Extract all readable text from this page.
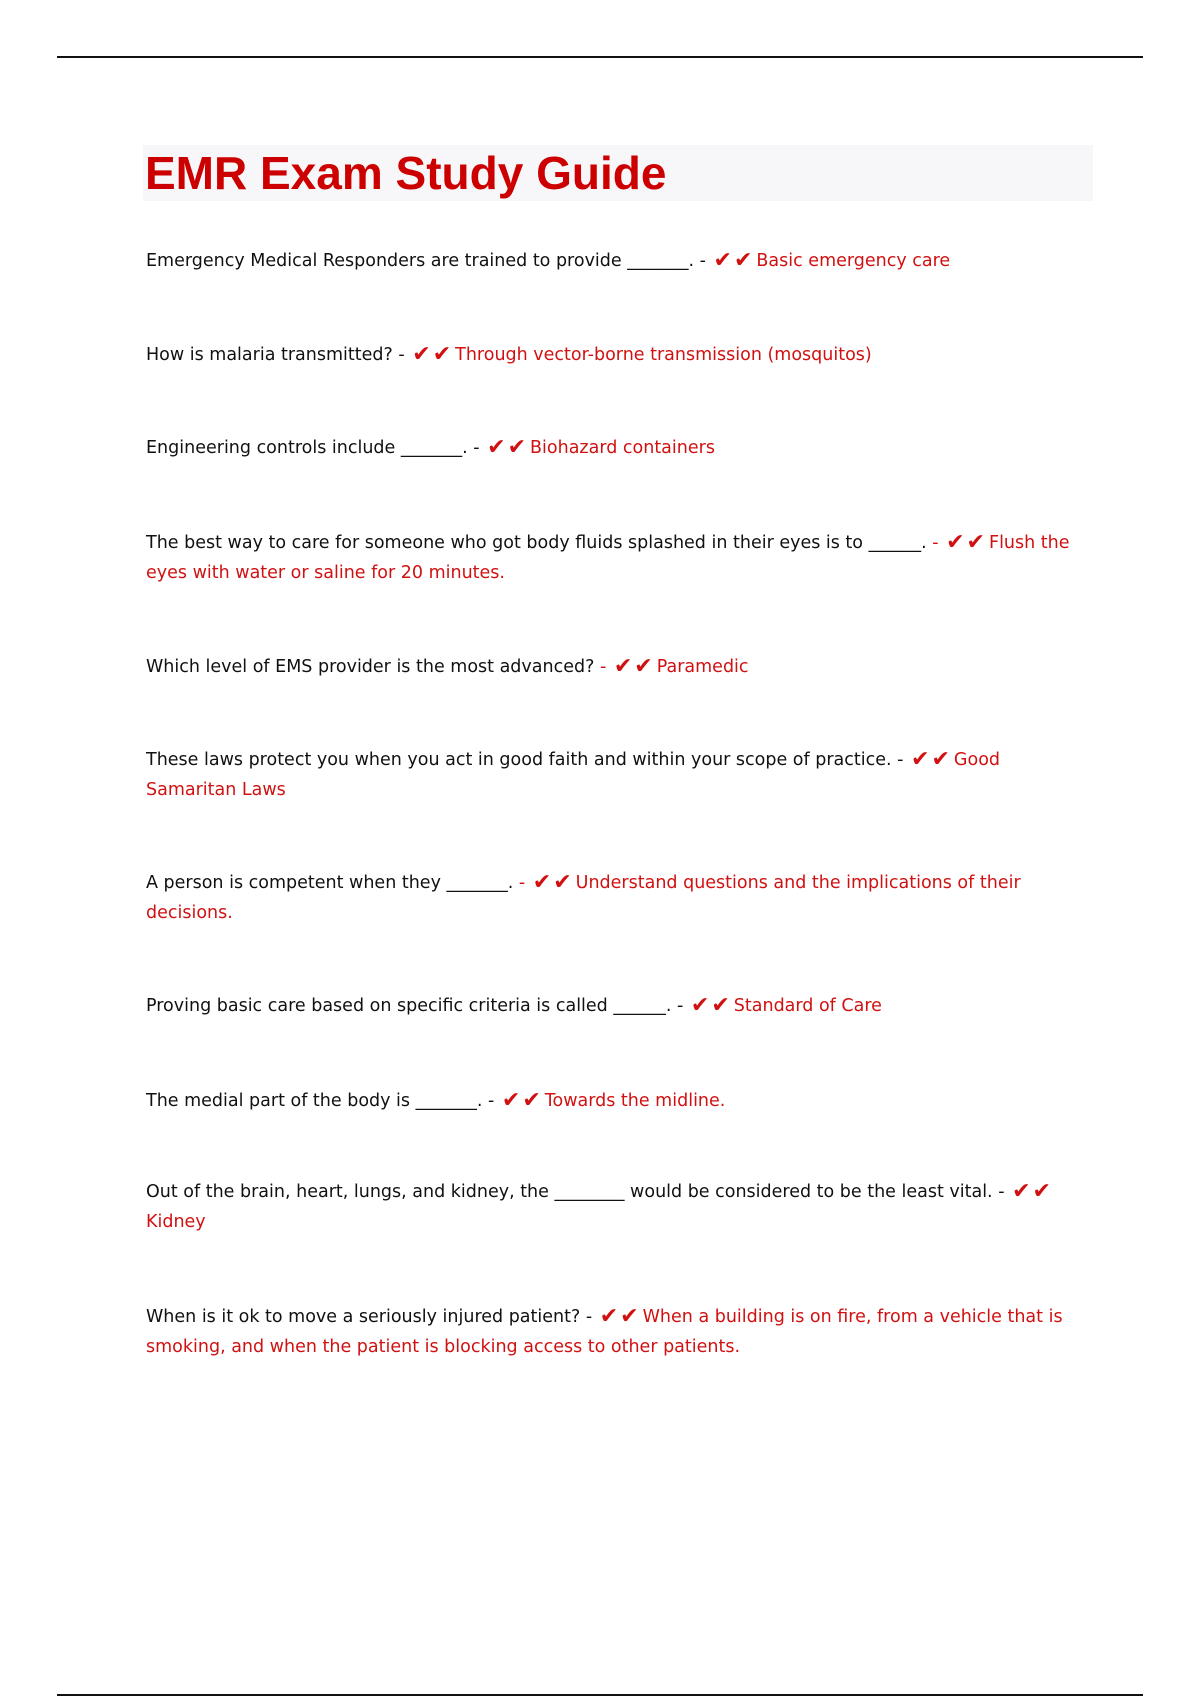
EMR Exam Study Guide

Emergency Medical Responders are trained to provide _______. - ✔✔ Basic emergency care

How is malaria transmitted? - ✔✔ Through vector-borne transmission (mosquitos)

Engineering controls include _______. - ✔✔ Biohazard containers

The best way to care for someone who got body fluids splashed in their eyes is to ______. - ✔✔ Flush the eyes with water or saline for 20 minutes.

Which level of EMS provider is the most advanced? - ✔✔ Paramedic

These laws protect you when you act in good faith and within your scope of practice. - ✔✔ Good Samaritan Laws

A person is competent when they _______. - ✔✔ Understand questions and the implications of their decisions.

Proving basic care based on specific criteria is called ______. - ✔✔ Standard of Care

The medial part of the body is _______. - ✔✔ Towards the midline.

Out of the brain, heart, lungs, and kidney, the ________ would be considered to be the least vital. - ✔✔Kidney

When is it ok to move a seriously injured patient? - ✔✔ When a building is on fire, from a vehicle that is smoking, and when the patient is blocking access to other patients.
